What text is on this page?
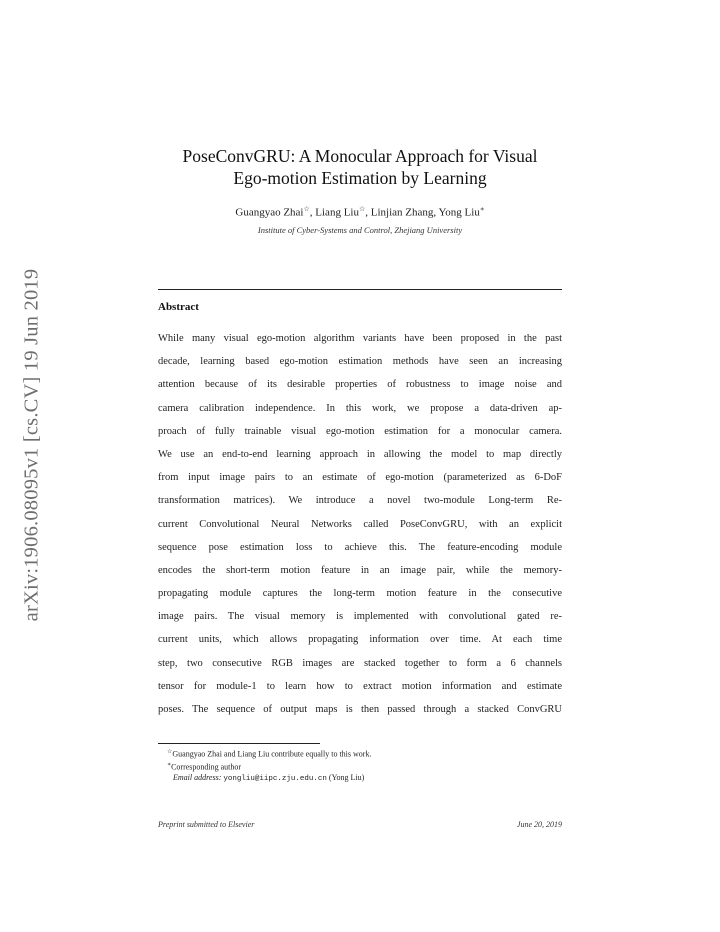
arXiv:1906.08095v1 [cs.CV] 19 Jun 2019
PoseConvGRU: A Monocular Approach for Visual
Ego-motion Estimation by Learning
Guangyao Zhai☆, Liang Liu☆, Linjian Zhang, Yong Liu∗
Institute of Cyber-Systems and Control, Zhejiang University
Abstract
While many visual ego-motion algorithm variants have been proposed in the past
decade, learning based ego-motion estimation methods have seen an increasing
attention because of its desirable properties of robustness to image noise and
camera calibration independence. In this work, we propose a data-driven ap-
proach of fully trainable visual ego-motion estimation for a monocular camera.
We use an end-to-end learning approach in allowing the model to map directly
from input image pairs to an estimate of ego-motion (parameterized as 6-DoF
transformation matrices). We introduce a novel two-module Long-term Re-
current Convolutional Neural Networks called PoseConvGRU, with an explicit
sequence pose estimation loss to achieve this. The feature-encoding module
encodes the short-term motion feature in an image pair, while the memory-
propagating module captures the long-term motion feature in the consecutive
image pairs. The visual memory is implemented with convolutional gated re-
current units, which allows propagating information over time. At each time
step, two consecutive RGB images are stacked together to form a 6 channels
tensor for module-1 to learn how to extract motion information and estimate
poses. The sequence of output maps is then passed through a stacked ConvGRU
☆Guangyao Zhai and Liang Liu contribute equally to this work.
∗Corresponding author
Email address: yongliu@iipc.zju.edu.cn (Yong Liu)
Preprint submitted to Elsevier	June 20, 2019
